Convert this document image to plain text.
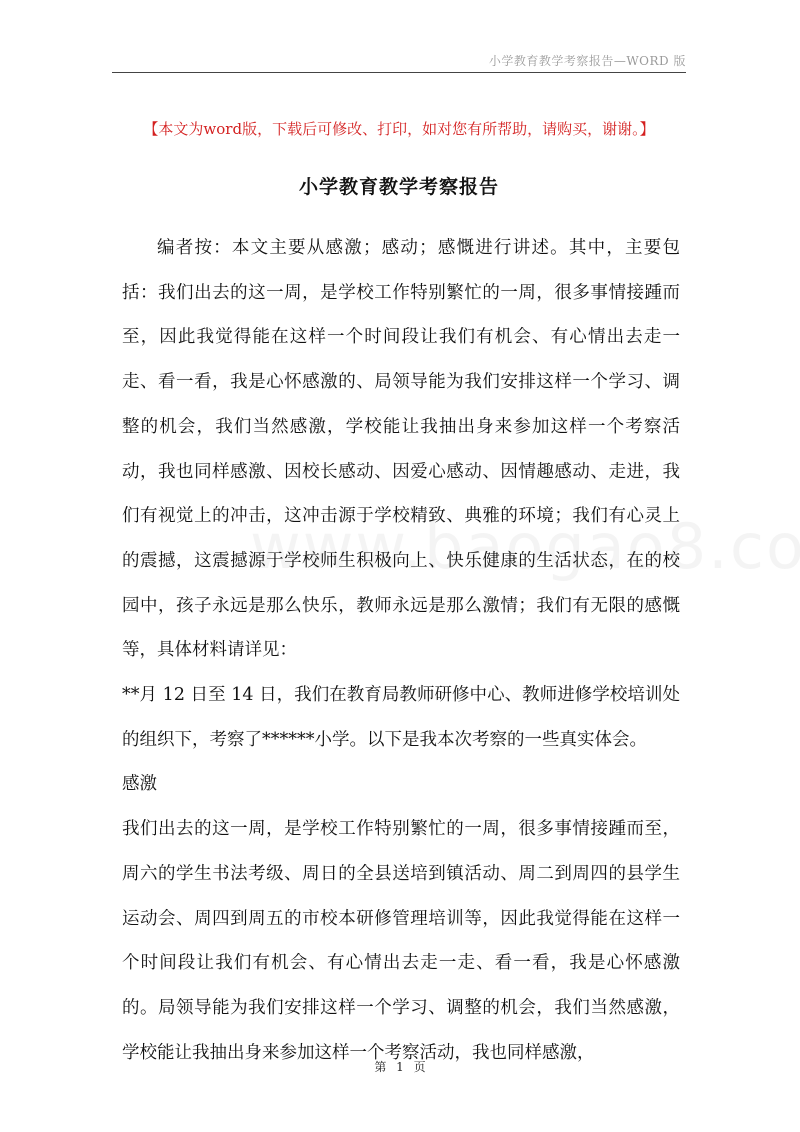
小学教育教学考察报告—WORD 版
【本文为word版，下载后可修改、打印，如对您有所帮助，请购买，谢谢。】
小学教育教学考察报告

编者按：本文主要从感激；感动；感慨进行讲述。其中，主要包括：我们出去的这一周，是学校工作特别繁忙的一周，很多事情接踵而至，因此我觉得能在这样一个时间段让我们有机会、有心情出去走一走、看一看，我是心怀感激的、局领导能为我们安排这样一个学习、调整的机会，我们当然感激，学校能让我抽出身来参加这样一个考察活动，我也同样感激、因校长感动、因爱心感动、因情趣感动、走进，我们有视觉上的冲击，这冲击源于学校精致、典雅的环境；我们有心灵上的震撼，这震撼源于学校师生积极向上、快乐健康的生活状态，在的校园中，孩子永远是那么快乐，教师永远是那么激情；我们有无限的感慨等，具体材料请详见：

**月 12 日至 14 日，我们在教育局教师研修中心、教师进修学校培训处的组织下，考察了******小学。以下是我本次考察的一些真实体会。

感激

我们出去的这一周，是学校工作特别繁忙的一周，很多事情接踵而至，周六的学生书法考级、周日的全县送培到镇活动、周二到周四的县学生运动会、周四到周五的市校本研修管理培训等，因此我觉得能在这样一个时间段让我们有机会、有心情出去走一走、看一看，我是心怀感激的。局领导能为我们安排这样一个学习、调整的机会，我们当然感激，学校能让我抽出身来参加这样一个考察活动，我也同样感激，

第 1 页
